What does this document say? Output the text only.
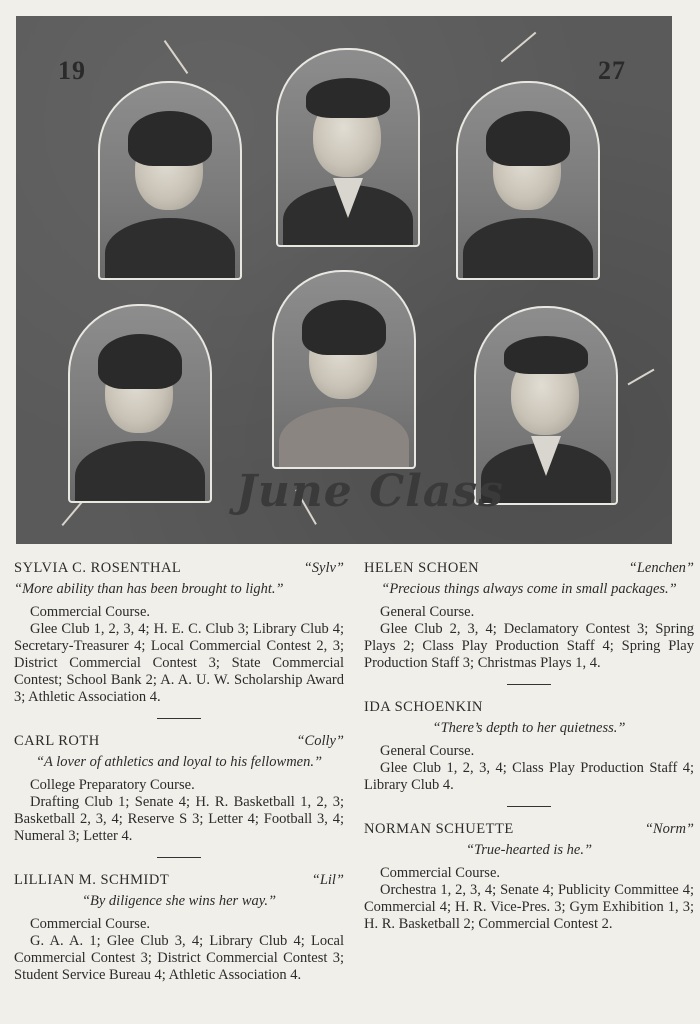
19	27
June Class
SYLVIA C. ROSENTHAL	“Sylv”
“More ability than has been brought to light.”
Commercial Course.
Glee Club 1, 2, 3, 4; H. E. C. Club 3; Library Club 4; Secretary-Treasurer 4; Local Commercial Contest 2, 3; District Commercial Contest 3; State Commercial Contest; School Bank 2; A. A. U. W. Scholarship Award 3; Athletic Association 4.
CARL ROTH	“Colly”
“A lover of athletics and loyal to his fellowmen.”
College Preparatory Course.
Drafting Club 1; Senate 4; H. R. Basketball 1, 2, 3; Basketball 2, 3, 4; Reserve S 3; Letter 4; Football 3, 4; Numeral 3; Letter 4.
LILLIAN M. SCHMIDT	“Lil”
“By diligence she wins her way.”
Commercial Course.
G. A. A. 1; Glee Club 3, 4; Library Club 4; Local Commercial Contest 3; District Commercial Contest 3; Student Service Bureau 4; Athletic Association 4.
HELEN SCHOEN	“Lenchen”
“Precious things always come in small packages.”
General Course.
Glee Club 2, 3, 4; Declamatory Contest 3; Spring Plays 2; Class Play Production Staff 4; Spring Play Production Staff 3; Christmas Plays 1, 4.
IDA SCHOENKIN
“There’s depth to her quietness.”
General Course.
Glee Club 1, 2, 3, 4; Class Play Production Staff 4; Library Club 4.
NORMAN SCHUETTE	“Norm”
“True-hearted is he.”
Commercial Course.
Orchestra 1, 2, 3, 4; Senate 4; Publicity Committee 4; Commercial 4; H. R. Vice-Pres. 3; Gym Exhibition 1, 3; H. R. Basketball 2; Commercial Contest 2.
